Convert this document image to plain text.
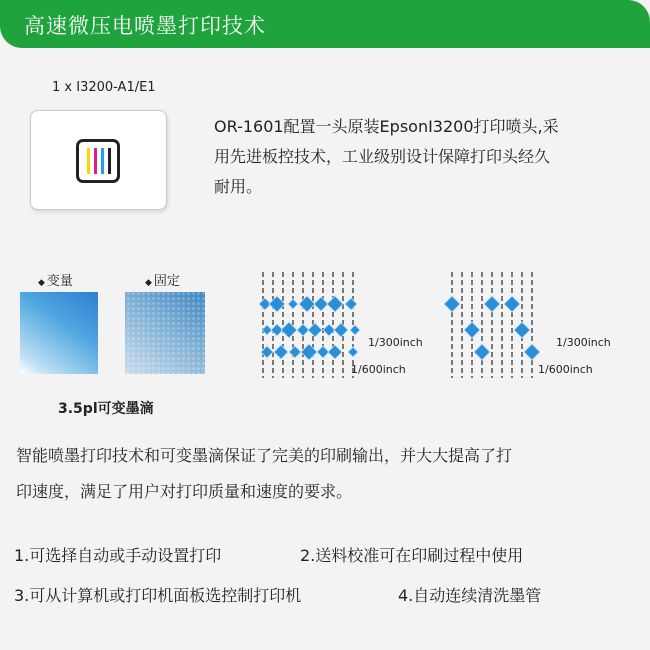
高速微压电喷墨打印技术
1 x I3200-A1/E1
OR-1601配置一头原装EpsonI3200打印喷头,采
用先进板控技术，工业级别设计保障打印头经久
耐用。
◆ 变量	◆ 固定
3.5pl可变墨滴
1/300inch
1/600inch
1/300inch
1/600inch
智能喷墨打印技术和可变墨滴保证了完美的印刷输出，并大大提高了打
印速度，满足了用户对打印质量和速度的要求。
1.可选择自动或手动设置打印	2.送料校准可在印刷过程中使用
3.可从计算机或打印机面板选控制打印机	4.自动连续清洗墨管
